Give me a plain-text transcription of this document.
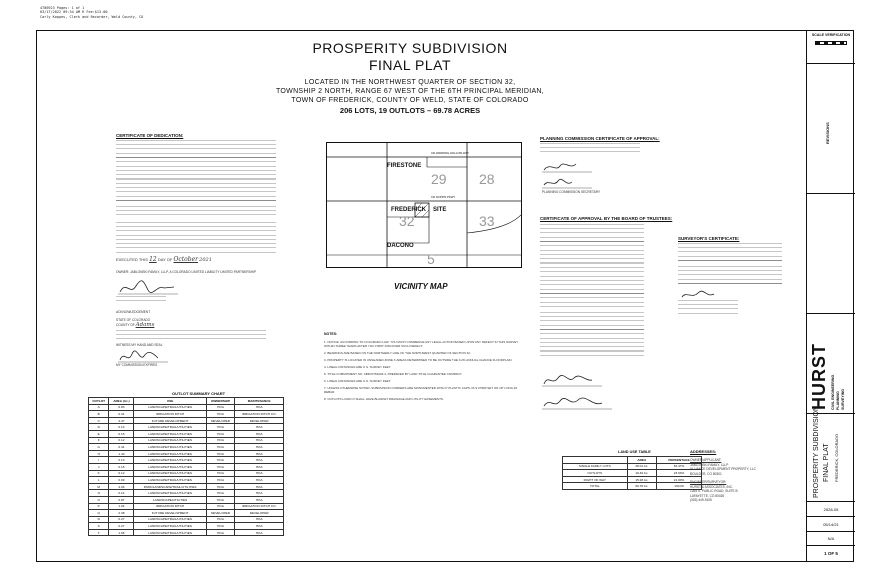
4786923 Pages: 1 of 1
03/17/2022 09:34 AM R Fee:$13.00
Carly Koppes, Clerk and Recorder, Weld County, CO
PROSPERITY SUBDIVISION
FINAL PLAT
LOCATED IN THE NORTHWEST QUARTER OF SECTION 32,
TOWNSHIP 2 NORTH, RANGE 67 WEST OF THE 6TH PRINCIPAL MERIDIAN,
TOWN OF FREDERICK, COUNTY OF WELD, STATE OF COLORADO
206 LOTS, 19 OUTLOTS – 69.78 ACRES
CERTIFICATE OF DEDICATION:
EXECUTED THIS 12 DAY OF October 2021
OWNER: JABLONSKI FAMILY, LLLP, A COLORADO LIMITED LIABILITY LIMITED PARTNERSHIP
ACKNOWLEDGEMENT
STATE OF COLORADO
COUNTY OF Adams
WITNESS MY HAND AND SEAL
MY COMMISSION EXPIRES
OUTLOT SUMMARY CHART
OUTLOT	AREA (Ac.)	USE	OWNERSHIP	MAINTENANCE
A	6.83	LANDSCAPE/TRAIL/UTILITIES	HOA	HOA
B	0.31	IRRIGATION DITCH	HOA	IRRIGATION DITCH CO.
C	4.47	FUTURE DEVELOPMENT	DEVELOPER	DEVELOPER
D	0.13	LANDSCAPE/TRAIL/UTILITIES	HOA	HOA
E	0.15	LANDSCAPE/TRAIL/UTILITIES	HOA	HOA
F	0.12	LANDSCAPE/TRAIL/UTILITIES	HOA	HOA
G	0.41	LANDSCAPE/TRAIL/UTILITIES	HOA	HOA
H	1.43	LANDSCAPE/TRAIL/UTILITIES	HOA	HOA
I	0.13	LANDSCAPE/TRAIL/UTILITIES	HOA	HOA
J	0.15	LANDSCAPE/TRAIL/UTILITIES	HOA	HOA
K	0.12	LANDSCAPE/TRAIL/UTILITIES	HOA	HOA
L	0.09	LANDSCAPE/TRAIL/UTILITIES	HOA	HOA
M	4.06	PARK/LANDSCAPE/TRAIL/UTILITIES	HOA	HOA
N	0.14	LANDSCAPE/TRAIL/UTILITIES	HOA	HOA
O	0.87	LANDSCAPE/UTILITIES	HOA	HOA
P	1.02	IRRIGATION DITCH	HOA	IRRIGATION DITCH CO.
Q	2.38	FUTURE DEVELOPMENT	DEVELOPER	DEVELOPER
R	0.27	LANDSCAPE/TRAIL/UTILITIES	HOA	HOA
S	0.27	LANDSCAPE/TRAIL/UTILITIES	HOA	HOA
T	1.96	LANDSCAPE/TRAIL/UTILITIES	HOA	HOA
FIRESTONE
FREDERICK SITE
DACONO
29 28
32	33
5
CR WADDING HOLLOW WAY
CR SOPPIS PKWY
VICINITY MAP
NOTES:
1. NOTICE: ACCORDING TO COLORADO LAW, YOU MUST COMMENCE ANY LEGAL ACTION BASED UPON ANY DEFECT IN THIS SURVEY WITHIN THREE YEARS AFTER YOU FIRST DISCOVER SUCH DEFECT.
2. BEARINGS ARE BASED ON THE NORTHERLY LINE OF THE NORTHWEST QUARTER OF SECTION 32.
3. PROPERTY IS LOCATED IN UNSHADED ZONE X AREAS DETERMINED TO BE OUTSIDE THE 0.2% ANNUAL CHANCE FLOODPLAIN.
4. LINEAL DISTANCES ARE U.S. SURVEY FEET.
5. TITLE COMMITMENT NO. ABD70769346-4, PREPARED BY LAND TITLE GUARANTEE COMPANY.
6. LINEAL DISTANCES ARE U.S. SURVEY FEET.
7. UNLESS OTHERWISE NOTED, SUBDIVISION CORNERS ARE MONUMENTED WITH 5' PLASTIC CAPS, PLS 37980 SET ON 18" LONG #4 REBAR.
8. OUTLOTS H AND O SHALL HAVE BLANKET DRAINAGE AND UTILITY EASEMENTS.
LAND USE TABLE
	AREA	PERCENTAGE
SINGLE FAMILY LOTS	38.01 Ac.	54.47%
OUTLOTS	16.49 Ac.	23.63%
RIGHT OF WAY	15.28 Ac.	21.90%
TOTAL	69.78 Ac.	100.00
PLANNING COMMISSION CERTIFICATE OF APPROVAL:
PLANNING COMMISSION SECRETARY
CERTIFICATE OF APPROVAL BY THE BOARD OF TRUSTEES:
SURVEYOR'S CERTIFICATE:
ADDRESSES:
OWNER/APPLICANT:
JABLONSKI FAMILY, LLLP
ALLIANCE DEVELOPMENT PROPERTY, LLC
BOULDER, CO 80301
ENGINEER/SURVEYOR:
HURST & ASSOCIATES, INC.
1265 S. PUBLIC ROAD, SUITE B
LAFAYETTE, CO 80026
(303) 449-9105
SCALE VERIFICATION
REVISIONS
HURST CIVIL ENGINEERING PLANNING SURVEYING
PROSPERITY SUBDIVISION FINAL PLAT FREDERICK, COLORADO
2528-05
05/14/21
N/A
1 OF 5
